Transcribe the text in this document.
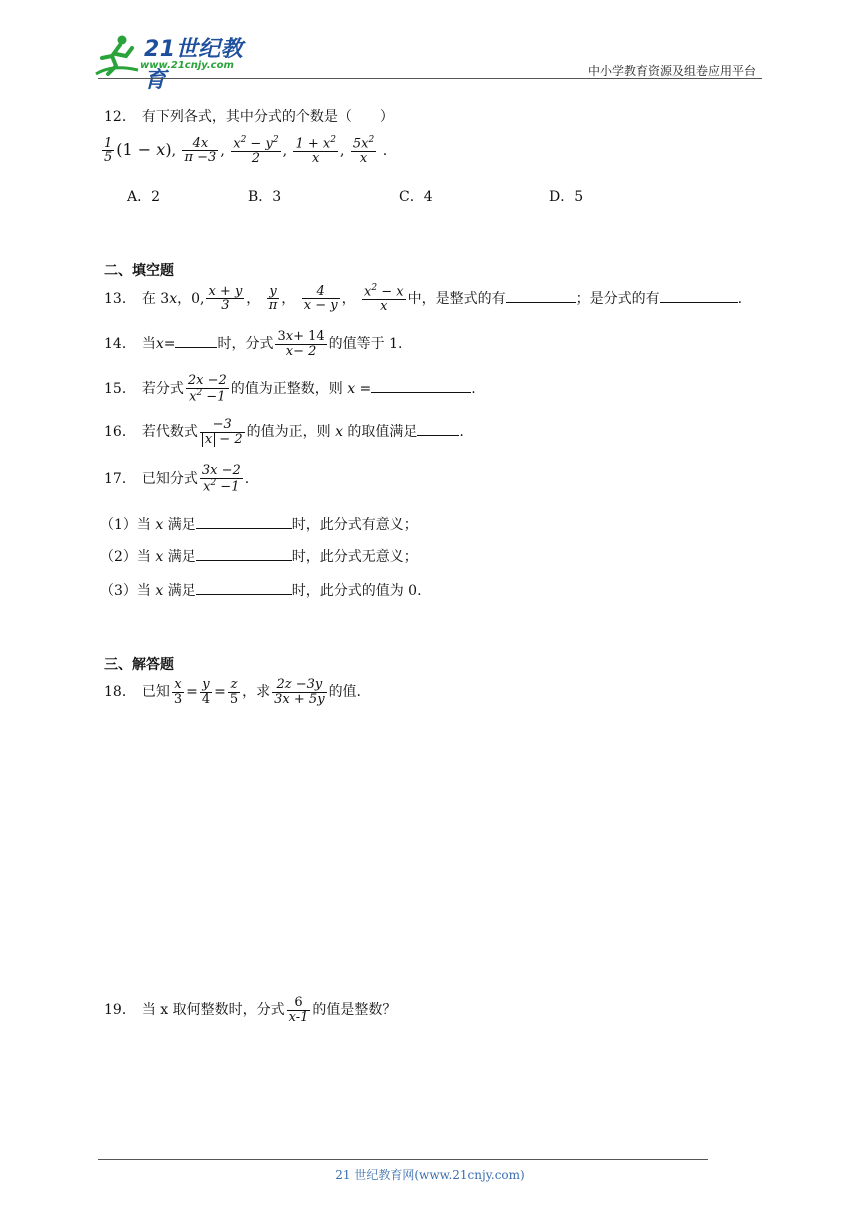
21世纪教育
www.21cnjy.com	中小学教育资源及组卷应用平台
12． 有下列各式，其中分式的个数是（　　）
$\frac{1}{5} (1 - x)$, $\frac{4x}{\pi -3}$ , $\frac{x^2 - y^2}{2}$ , $\frac{1 + x^2}{x}$ , $\frac{5x^2}{x}$ .
A．2	B．3	C．4	D．5
二、填空题
13． 在 3x，0, $\frac{x + y}{3}$ ， $\frac{y}{\pi}$ ， $\frac{4}{x - y}$ ， $\frac{x^2 - x}{x}$ 中，是整式的有	；是分式的有	.
14． 当x=	时，分式 $\frac{3x+ 14}{x- 2}$ 的值等于 1.
15． 若分式 $\frac{2x -2}{x^2 -1}$ 的值为正整数，则 x =	.
16． 若代数式 $\frac{-3}{x - 2}$ 的值为正，则 x 的取值满足	.
17． 已知分式 $\frac{3x -2}{x^2 -1}$ .
（1）当 x 满足	时，此分式有意义；
（2）当 x 满足	时，此分式无意义；
（3）当 x 满足	时，此分式的值为 0.
三、解答题
18． 已知 $\frac{x}{3} = \frac{y}{4} = \frac{z}{5}$ ，求 $\frac{2z -3y}{3x + 5y}$ 的值.
19． 当 x 取何整数时，分式 $\frac{6}{x-1}$ 的值是整数？
21 世纪教育网(www.21cnjy.com)
